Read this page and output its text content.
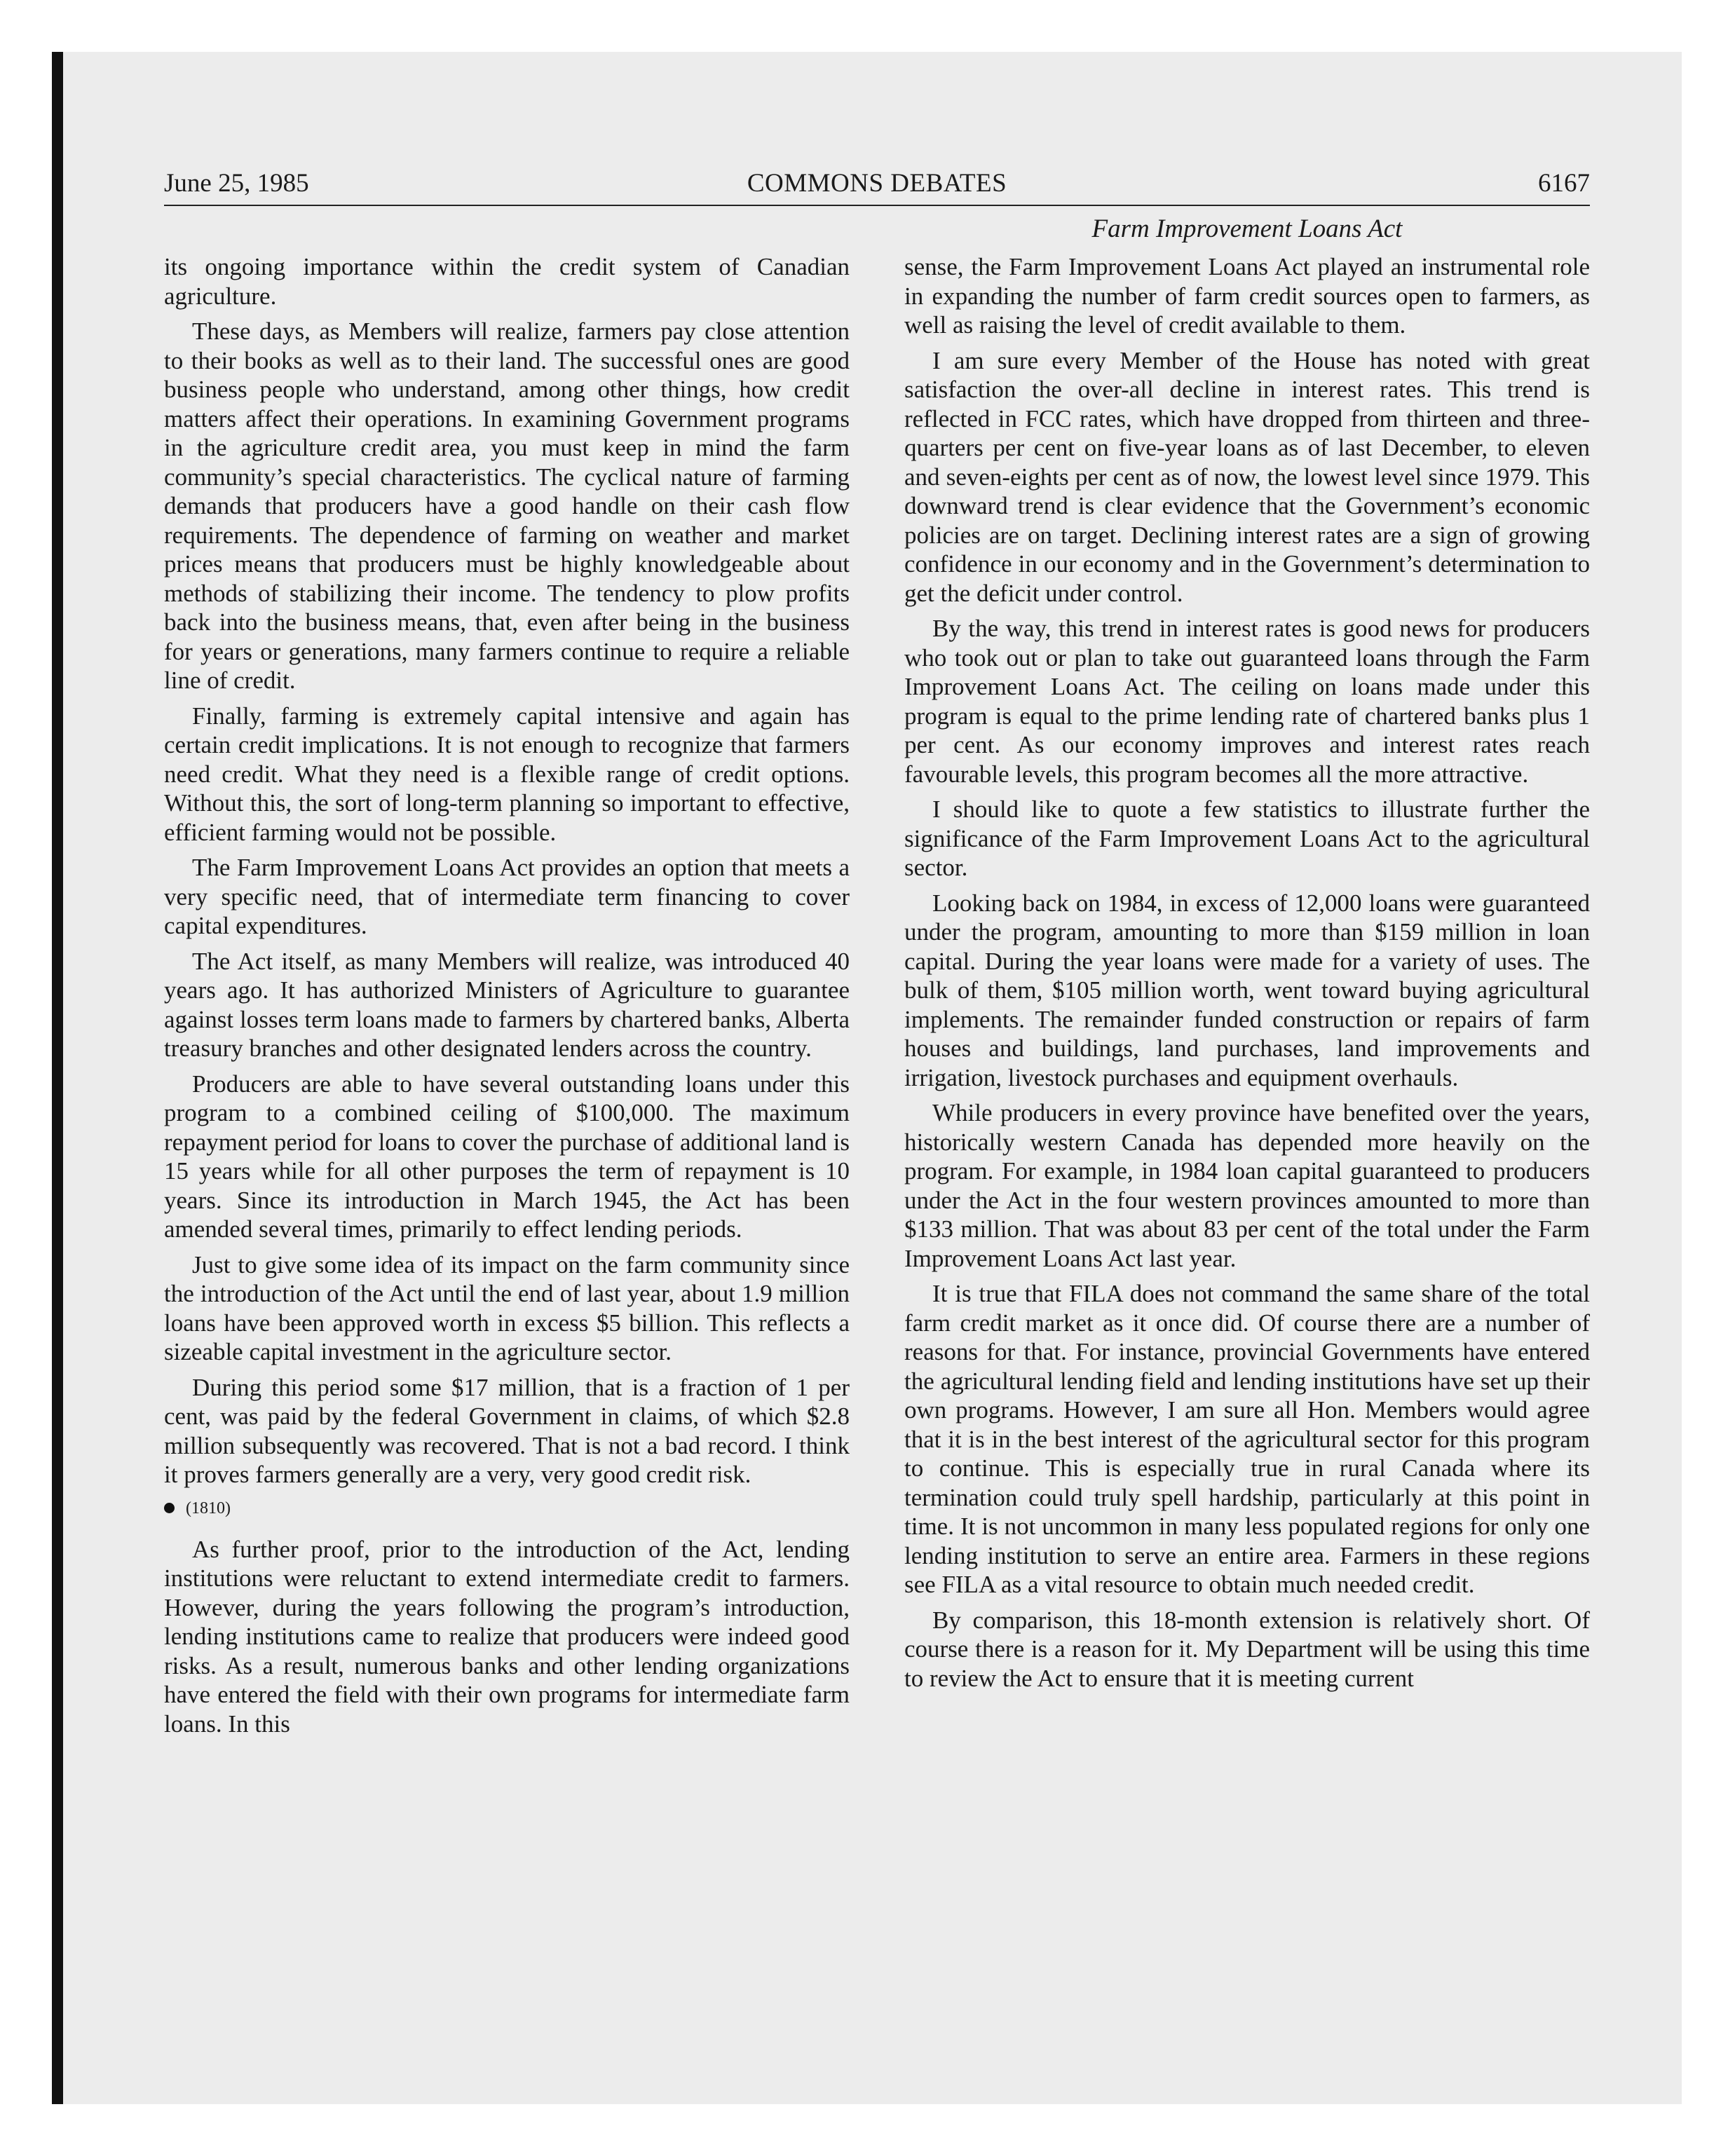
June 25, 1985	COMMONS DEBATES	6167
Farm Improvement Loans Act

its ongoing importance within the credit system of Canadian agriculture.

These days, as Members will realize, farmers pay close attention to their books as well as to their land. The successful ones are good business people who understand, among other things, how credit matters affect their operations. In examining Government programs in the agriculture credit area, you must keep in mind the farm community’s special characteristics. The cyclical nature of farming demands that producers have a good handle on their cash flow requirements. The dependence of farming on weather and market prices means that producers must be highly knowledgeable about methods of stabilizing their income. The tendency to plow profits back into the business means, that, even after being in the business for years or generations, many farmers continue to require a reliable line of credit.

Finally, farming is extremely capital intensive and again has certain credit implications. It is not enough to recognize that farmers need credit. What they need is a flexible range of credit options. Without this, the sort of long-term planning so important to effective, efficient farming would not be possible.

The Farm Improvement Loans Act provides an option that meets a very specific need, that of intermediate term financing to cover capital expenditures.

The Act itself, as many Members will realize, was introduced 40 years ago. It has authorized Ministers of Agriculture to guarantee against losses term loans made to farmers by chartered banks, Alberta treasury branches and other designated lenders across the country.

Producers are able to have several outstanding loans under this program to a combined ceiling of $100,000. The maximum repayment period for loans to cover the purchase of additional land is 15 years while for all other purposes the term of repayment is 10 years. Since its introduction in March 1945, the Act has been amended several times, primarily to effect lending periods.

Just to give some idea of its impact on the farm community since the introduction of the Act until the end of last year, about 1.9 million loans have been approved worth in excess $5 billion. This reflects a sizeable capital investment in the agriculture sector.

During this period some $17 million, that is a fraction of 1 per cent, was paid by the federal Government in claims, of which $2.8 million subsequently was recovered. That is not a bad record. I think it proves farmers generally are a very, very good credit risk.

(1810)

As further proof, prior to the introduction of the Act, lending institutions were reluctant to extend intermediate credit to farmers. However, during the years following the program’s introduction, lending institutions came to realize that producers were indeed good risks. As a result, numerous banks and other lending organizations have entered the field with their own programs for intermediate farm loans. In this

sense, the Farm Improvement Loans Act played an instrumental role in expanding the number of farm credit sources open to farmers, as well as raising the level of credit available to them.

I am sure every Member of the House has noted with great satisfaction the over-all decline in interest rates. This trend is reflected in FCC rates, which have dropped from thirteen and three-quarters per cent on five-year loans as of last December, to eleven and seven-eights per cent as of now, the lowest level since 1979. This downward trend is clear evidence that the Government’s economic policies are on target. Declining interest rates are a sign of growing confidence in our economy and in the Government’s determination to get the deficit under control.

By the way, this trend in interest rates is good news for producers who took out or plan to take out guaranteed loans through the Farm Improvement Loans Act. The ceiling on loans made under this program is equal to the prime lending rate of chartered banks plus 1 per cent. As our economy improves and interest rates reach favourable levels, this program becomes all the more attractive.

I should like to quote a few statistics to illustrate further the significance of the Farm Improvement Loans Act to the agricultural sector.

Looking back on 1984, in excess of 12,000 loans were guaranteed under the program, amounting to more than $159 million in loan capital. During the year loans were made for a variety of uses. The bulk of them, $105 million worth, went toward buying agricultural implements. The remainder funded construction or repairs of farm houses and buildings, land purchases, land improvements and irrigation, livestock purchases and equipment overhauls.

While producers in every province have benefited over the years, historically western Canada has depended more heavily on the program. For example, in 1984 loan capital guaranteed to producers under the Act in the four western provinces amounted to more than $133 million. That was about 83 per cent of the total under the Farm Improvement Loans Act last year.

It is true that FILA does not command the same share of the total farm credit market as it once did. Of course there are a number of reasons for that. For instance, provincial Governments have entered the agricultural lending field and lending institutions have set up their own programs. However, I am sure all Hon. Members would agree that it is in the best interest of the agricultural sector for this program to continue. This is especially true in rural Canada where its termination could truly spell hardship, particularly at this point in time. It is not uncommon in many less populated regions for only one lending institution to serve an entire area. Farmers in these regions see FILA as a vital resource to obtain much needed credit.

By comparison, this 18-month extension is relatively short. Of course there is a reason for it. My Department will be using this time to review the Act to ensure that it is meeting current
